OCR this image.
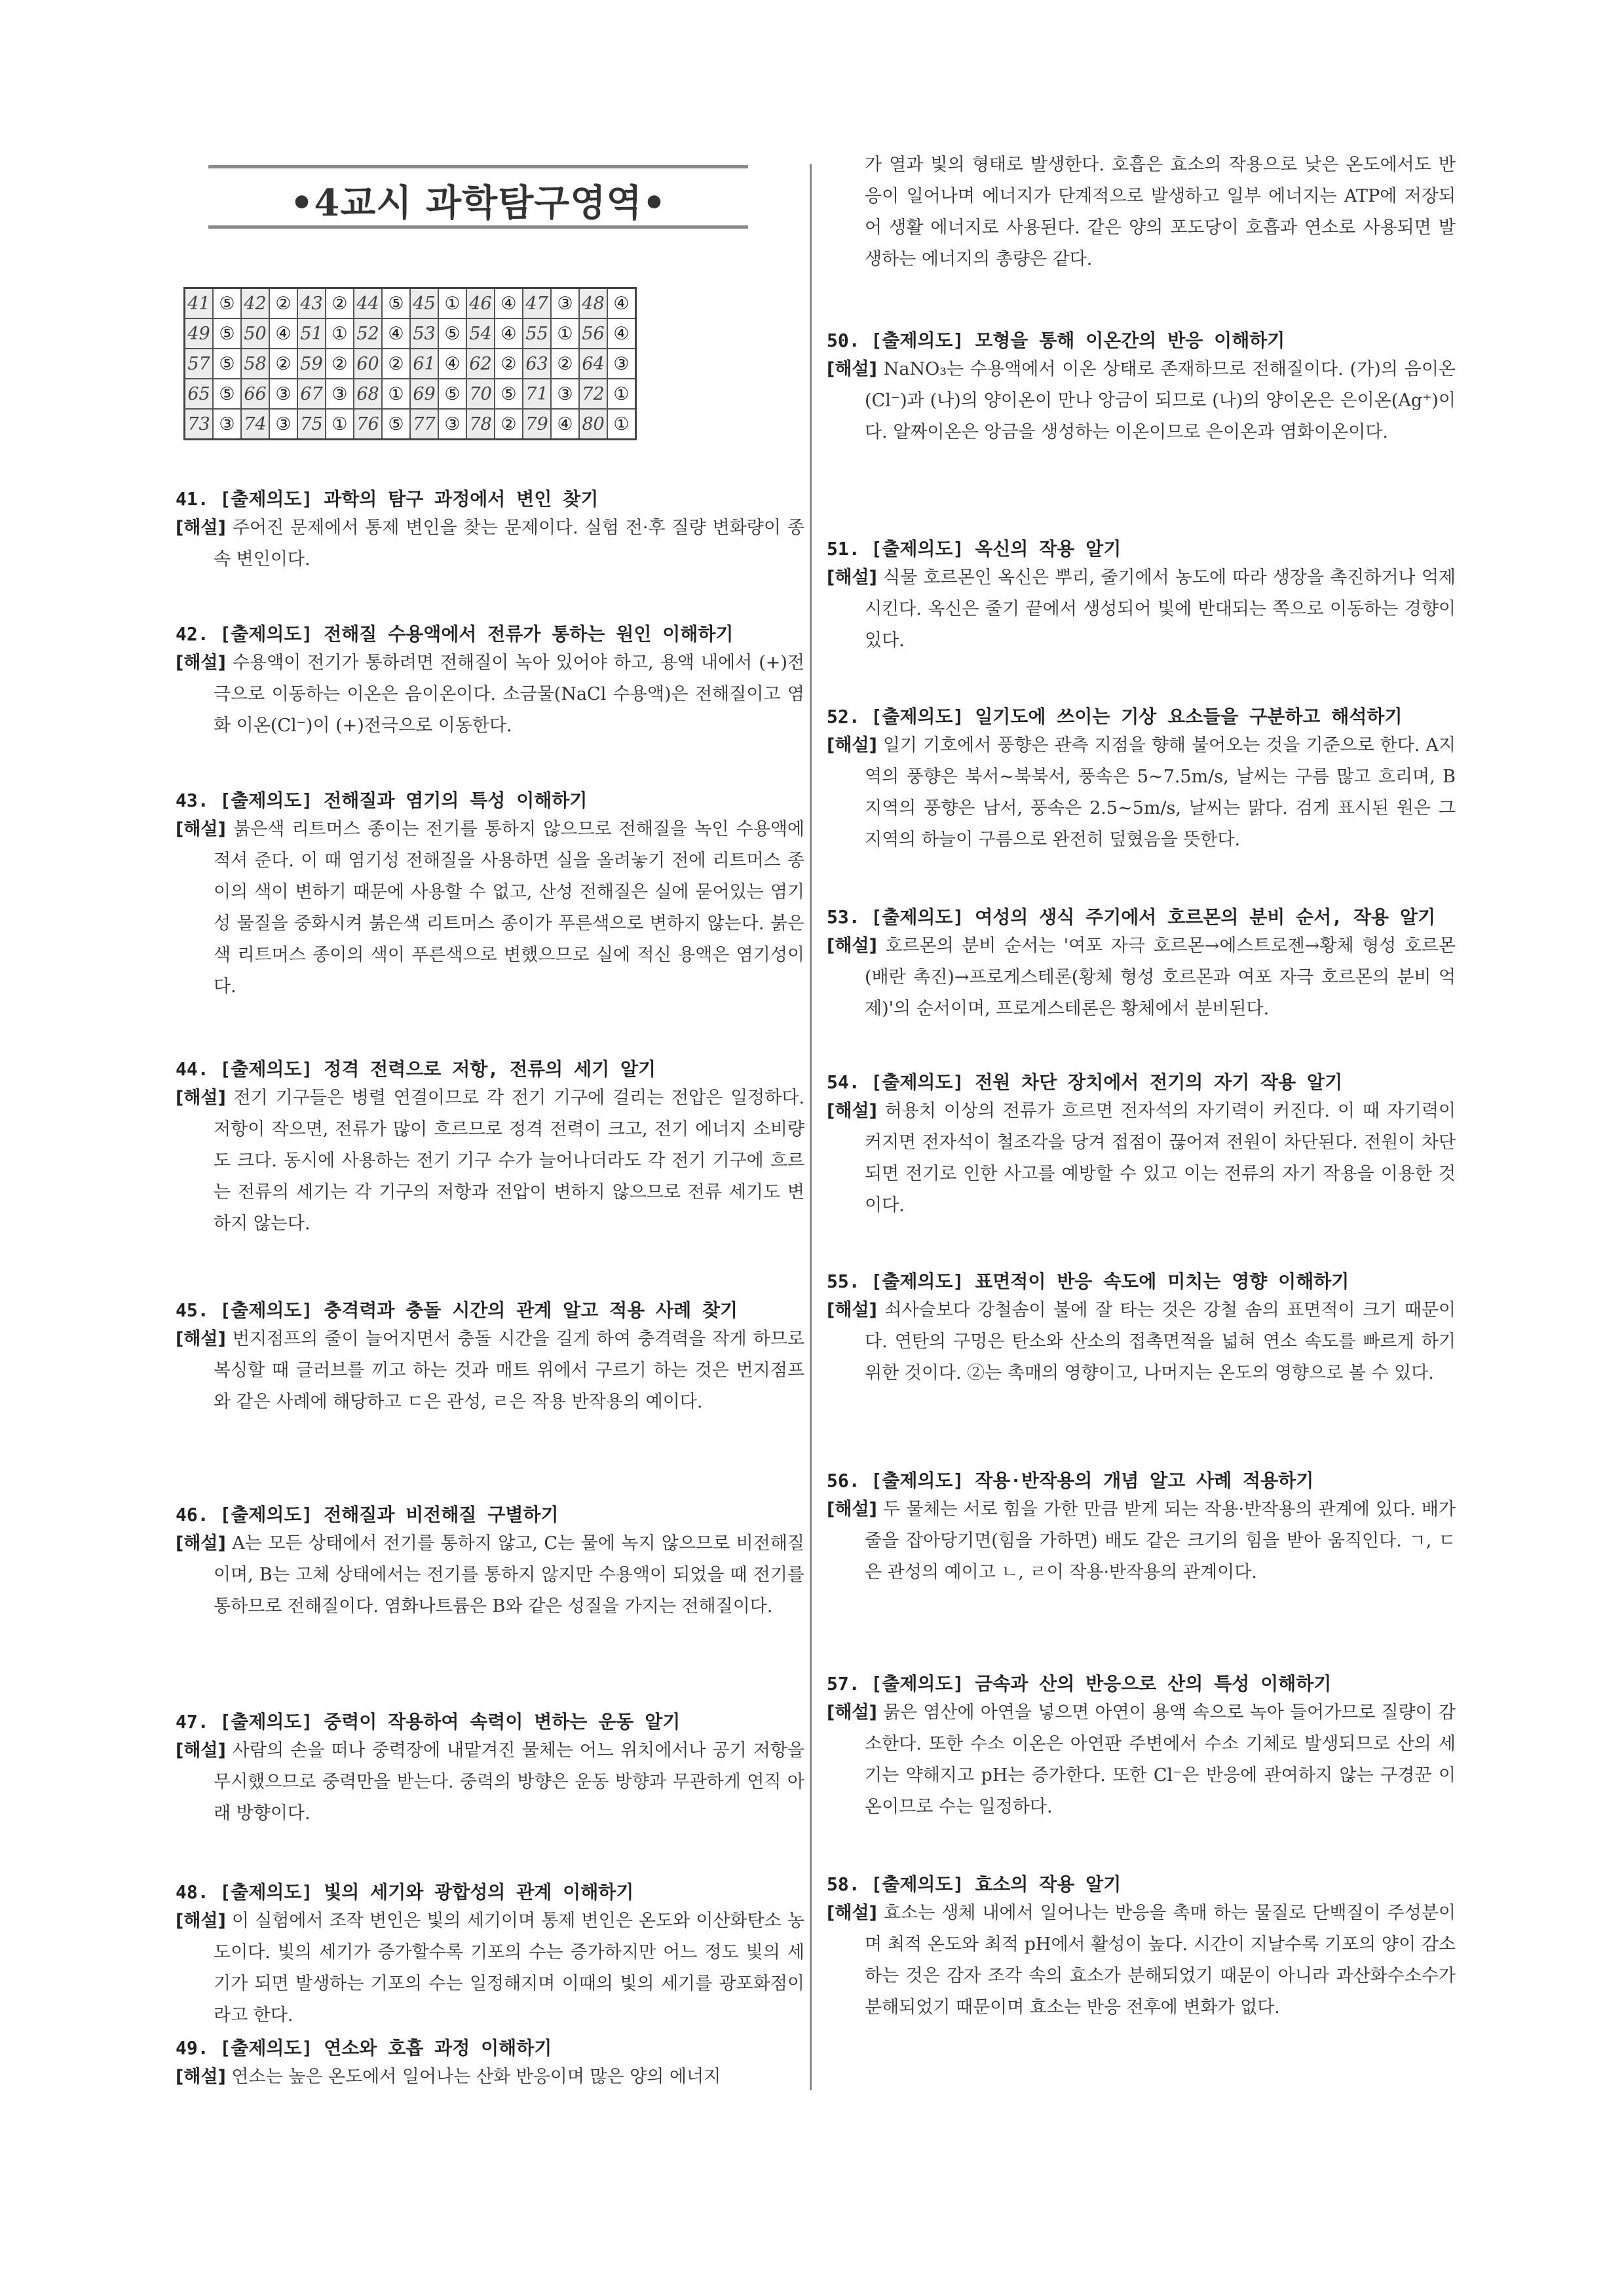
•4교시 과학탐구영역•
41	⑤	42	②	43	②	44	⑤	45	①	46	④	47	③	48	④
49	⑤	50	④	51	①	52	④	53	⑤	54	④	55	①	56	④
57	⑤	58	②	59	②	60	②	61	④	62	②	63	②	64	③
65	⑤	66	③	67	③	68	①	69	⑤	70	⑤	71	③	72	①
73	③	74	③	75	①	76	⑤	77	③	78	②	79	④	80	①
41. [출제의도] 과학의 탐구 과정에서 변인 찾기
[해설] 주어진 문제에서 통제 변인을 찾는 문제이다. 실험 전·후 질량 변화량이 종속 변인이다.
42. [출제의도] 전해질 수용액에서 전류가 통하는 원인 이해하기
[해설] 수용액이 전기가 통하려면 전해질이 녹아 있어야 하고, 용액 내에서 (+)전극으로 이동하는 이온은 음이온이다. 소금물(NaCl 수용액)은 전해질이고 염화 이온(Cl⁻)이 (+)전극으로 이동한다.
43. [출제의도] 전해질과 염기의 특성 이해하기
[해설] 붉은색 리트머스 종이는 전기를 통하지 않으므로 전해질을 녹인 수용액에 적셔 준다. 이 때 염기성 전해질을 사용하면 실을 올려놓기 전에 리트머스 종이의 색이 변하기 때문에 사용할 수 없고, 산성 전해질은 실에 묻어있는 염기성 물질을 중화시켜 붉은색 리트머스 종이가 푸른색으로 변하지 않는다. 붉은색 리트머스 종이의 색이 푸른색으로 변했으므로 실에 적신 용액은 염기성이다.
44. [출제의도] 정격 전력으로 저항, 전류의 세기 알기
[해설] 전기 기구들은 병렬 연결이므로 각 전기 기구에 걸리는 전압은 일정하다. 저항이 작으면, 전류가 많이 흐르므로 정격 전력이 크고, 전기 에너지 소비량도 크다. 동시에 사용하는 전기 기구 수가 늘어나더라도 각 전기 기구에 흐르는 전류의 세기는 각 기구의 저항과 전압이 변하지 않으므로 전류 세기도 변하지 않는다.
45. [출제의도] 충격력과 충돌 시간의 관계 알고 적용 사례 찾기
[해설] 번지점프의 줄이 늘어지면서 충돌 시간을 길게 하여 충격력을 작게 하므로 복싱할 때 글러브를 끼고 하는 것과 매트 위에서 구르기 하는 것은 번지점프와 같은 사례에 해당하고 ㄷ은 관성, ㄹ은 작용 반작용의 예이다.
46. [출제의도] 전해질과 비전해질 구별하기
[해설] A는 모든 상태에서 전기를 통하지 않고, C는 물에 녹지 않으므로 비전해질이며, B는 고체 상태에서는 전기를 통하지 않지만 수용액이 되었을 때 전기를 통하므로 전해질이다. 염화나트륨은 B와 같은 성질을 가지는 전해질이다.
47. [출제의도] 중력이 작용하여 속력이 변하는 운동 알기
[해설] 사람의 손을 떠나 중력장에 내맡겨진 물체는 어느 위치에서나 공기 저항을 무시했으므로 중력만을 받는다. 중력의 방향은 운동 방향과 무관하게 연직 아래 방향이다.
48. [출제의도] 빛의 세기와 광합성의 관계 이해하기
[해설] 이 실험에서 조작 변인은 빛의 세기이며 통제 변인은 온도와 이산화탄소 농도이다. 빛의 세기가 증가할수록 기포의 수는 증가하지만 어느 정도 빛의 세기가 되면 발생하는 기포의 수는 일정해지며 이때의 빛의 세기를 광포화점이라고 한다.
49. [출제의도] 연소와 호흡 과정 이해하기
[해설] 연소는 높은 온도에서 일어나는 산화 반응이며 많은 양의 에너지
가 열과 빛의 형태로 발생한다. 호흡은 효소의 작용으로 낮은 온도에서도 반응이 일어나며 에너지가 단계적으로 발생하고 일부 에너지는 ATP에 저장되어 생활 에너지로 사용된다. 같은 양의 포도당이 호흡과 연소로 사용되면 발생하는 에너지의 총량은 같다.
50. [출제의도] 모형을 통해 이온간의 반응 이해하기
[해설] NaNO₃는 수용액에서 이온 상태로 존재하므로 전해질이다. (가)의 음이온(Cl⁻)과 (나)의 양이온이 만나 앙금이 되므로 (나)의 양이온은 은이온(Ag⁺)이다. 알짜이온은 앙금을 생성하는 이온이므로 은이온과 염화이온이다.
51. [출제의도] 옥신의 작용 알기
[해설] 식물 호르몬인 옥신은 뿌리, 줄기에서 농도에 따라 생장을 촉진하거나 억제시킨다. 옥신은 줄기 끝에서 생성되어 빛에 반대되는 쪽으로 이동하는 경향이 있다.
52. [출제의도] 일기도에 쓰이는 기상 요소들을 구분하고 해석하기
[해설] 일기 기호에서 풍향은 관측 지점을 향해 불어오는 것을 기준으로 한다. A지역의 풍향은 북서~북북서, 풍속은 5~7.5m/s, 날씨는 구름 많고 흐리며, B지역의 풍향은 남서, 풍속은 2.5~5m/s, 날씨는 맑다. 검게 표시된 원은 그 지역의 하늘이 구름으로 완전히 덮혔음을 뜻한다.
53. [출제의도] 여성의 생식 주기에서 호르몬의 분비 순서, 작용 알기
[해설] 호르몬의 분비 순서는 '여포 자극 호르몬→에스트로젠→황체 형성 호르몬(배란 촉진)→프로게스테론(황체 형성 호르몬과 여포 자극 호르몬의 분비 억제)'의 순서이며, 프로게스테론은 황체에서 분비된다.
54. [출제의도] 전원 차단 장치에서 전기의 자기 작용 알기
[해설] 허용치 이상의 전류가 흐르면 전자석의 자기력이 커진다. 이 때 자기력이 커지면 전자석이 철조각을 당겨 접점이 끊어져 전원이 차단된다. 전원이 차단되면 전기로 인한 사고를 예방할 수 있고 이는 전류의 자기 작용을 이용한 것이다.
55. [출제의도] 표면적이 반응 속도에 미치는 영향 이해하기
[해설] 쇠사슬보다 강철솜이 불에 잘 타는 것은 강철 솜의 표면적이 크기 때문이다. 연탄의 구멍은 탄소와 산소의 접촉면적을 넓혀 연소 속도를 빠르게 하기 위한 것이다. ②는 촉매의 영향이고, 나머지는 온도의 영향으로 볼 수 있다.
56. [출제의도] 작용·반작용의 개념 알고 사례 적용하기
[해설] 두 물체는 서로 힘을 가한 만큼 받게 되는 작용·반작용의 관계에 있다. 배가 줄을 잡아당기면(힘을 가하면) 배도 같은 크기의 힘을 받아 움직인다. ㄱ, ㄷ은 관성의 예이고 ㄴ, ㄹ이 작용·반작용의 관계이다.
57. [출제의도] 금속과 산의 반응으로 산의 특성 이해하기
[해설] 묽은 염산에 아연을 넣으면 아연이 용액 속으로 녹아 들어가므로 질량이 감소한다. 또한 수소 이온은 아연판 주변에서 수소 기체로 발생되므로 산의 세기는 약해지고 pH는 증가한다. 또한 Cl⁻은 반응에 관여하지 않는 구경꾼 이온이므로 수는 일정하다.
58. [출제의도] 효소의 작용 알기
[해설] 효소는 생체 내에서 일어나는 반응을 촉매 하는 물질로 단백질이 주성분이며 최적 온도와 최적 pH에서 활성이 높다. 시간이 지날수록 기포의 양이 감소하는 것은 감자 조각 속의 효소가 분해되었기 때문이 아니라 과산화수소수가 분해되었기 때문이며 효소는 반응 전후에 변화가 없다.
